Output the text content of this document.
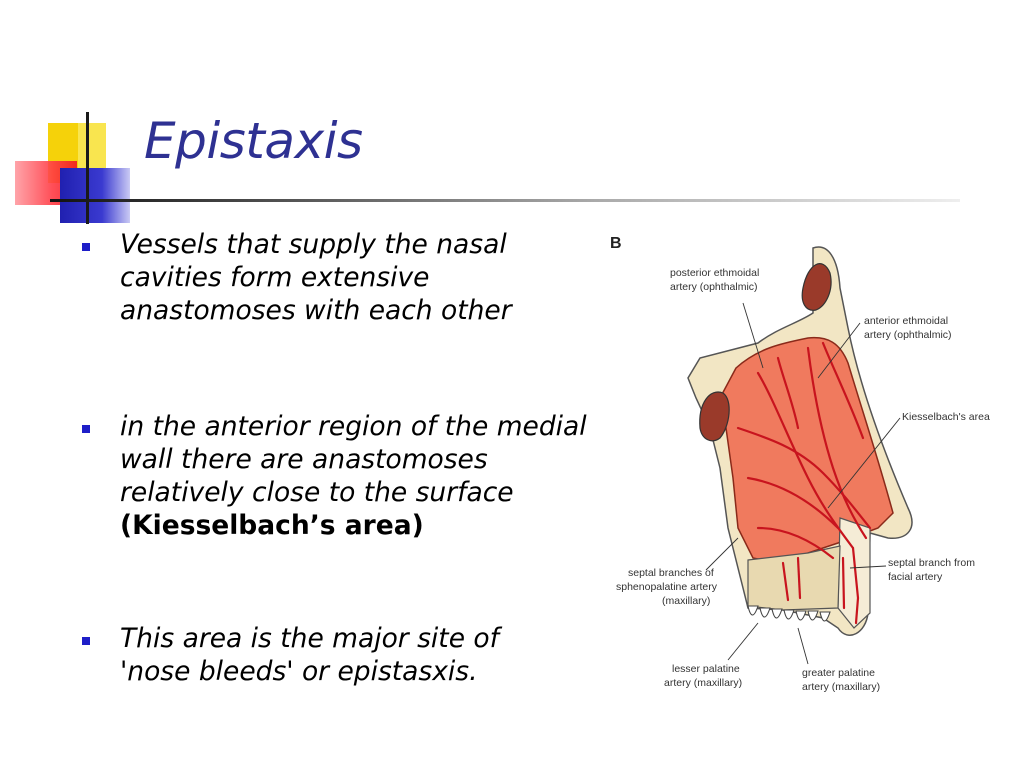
Epistaxis
Vessels that supply the nasal cavities form extensive anastomoses with each other
in the anterior region of the medial wall there are anastomoses relatively close to the surface
(Kiesselbach’s area)
This area is the major site of 'nose bleeds' or epistasxis.
B
posterior ethmoidal
artery (ophthalmic)
anterior ethmoidal
artery (ophthalmic)
Kiesselbach's area
septal branch from
facial artery
septal branches of
sphenopalatine artery
(maxillary)
lesser palatine
artery (maxillary)
greater palatine
artery (maxillary)
